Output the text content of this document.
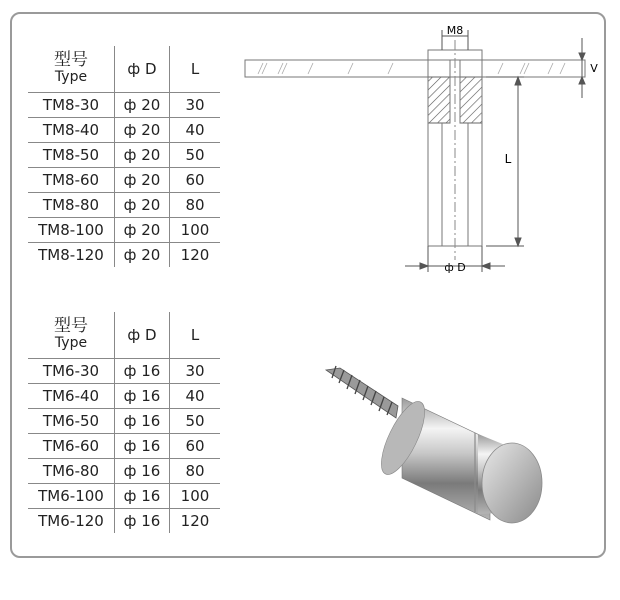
型号
Type	ф D	L
TM8-30	ф 20	30
TM8-40	ф 20	40
TM8-50	ф 20	50
TM8-60	ф 20	60
TM8-80	ф 20	80
TM8-100	ф 20	100
TM8-120	ф 20	120
型号
Type	ф D	L
TM6-30	ф 16	30
TM6-40	ф 16	40
TM6-50	ф 16	50
TM6-60	ф 16	60
TM6-80	ф 16	80
TM6-100	ф 16	100
TM6-120	ф 16	120
M8
V
L
ф D
